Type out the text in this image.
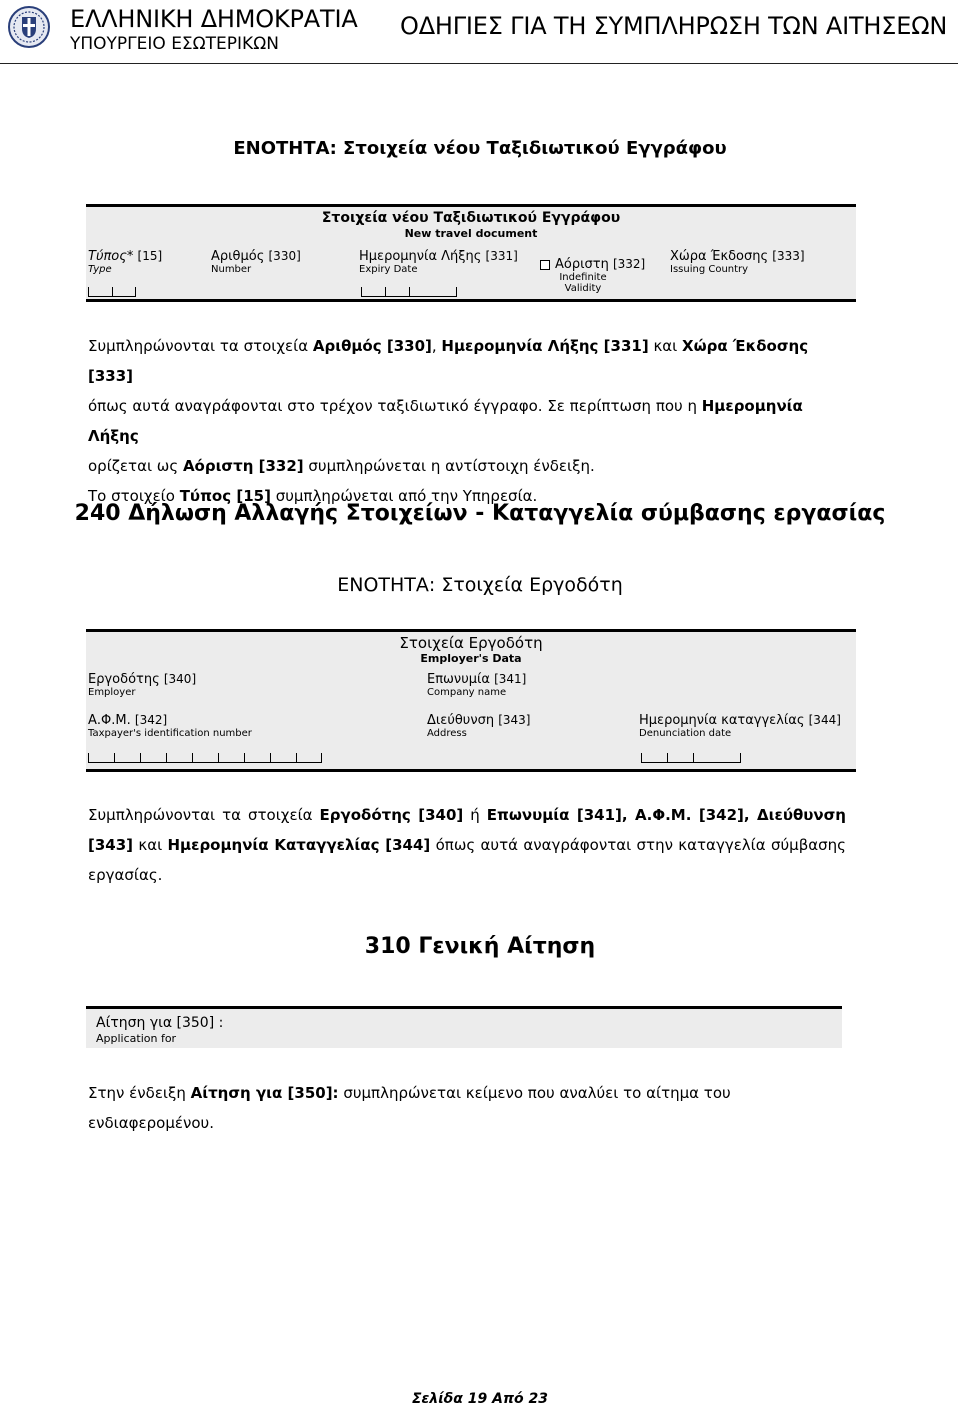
ΕΛΛΗΝΙΚΗ ΔΗΜΟΚΡΑΤΙΑ
ΥΠΟΥΡΓΕΙΟ ΕΣΩΤΕΡΙΚΩΝ
ΟΔΗΓΙΕΣ ΓΙΑ ΤΗ ΣΥΜΠΛΗΡΩΣΗ ΤΩΝ ΑΙΤΗΣΕΩΝ
ΕΝΟΤΗΤΑ: Στοιχεία νέου Ταξιδιωτικού Εγγράφου
Στοιχεία νέου Ταξιδιωτικού Εγγράφου
New travel document
Τύπος* [15]
Type
Αριθμός [330]
Number
Ημερομηνία Λήξης [331]
Expiry Date	Αόριστη [332]
Indefinite
Validity
Χώρα Έκδοσης [333]
Issuing Country
Συμπληρώνονται τα στοιχεία Αριθμός [330], Ημερομηνία Λήξης [331] και Χώρα Έκδοσης [333]
όπως αυτά αναγράφονται στο τρέχον ταξιδιωτικό έγγραφο. Σε περίπτωση που η Ημερομηνία Λήξης
ορίζεται ως Αόριστη [332] συμπληρώνεται η αντίστοιχη ένδειξη.
Το στοιχείο Τύπος [15] συμπληρώνεται από την Υπηρεσία.
240 Δήλωση Αλλαγής Στοιχείων - Καταγγελία σύμβασης εργασίας
ΕΝΟΤΗΤΑ: Στοιχεία Εργοδότη
Στοιχεία Εργοδότη
Employer's Data
Εργοδότης [340]
Employer
Επωνυμία [341]
Company name
Α.Φ.Μ. [342]
Taxpayer's identification number
Διεύθυνση [343]
Address
Ημερομηνία καταγγελίας [344]
Denunciation date
Συμπληρώνονται τα στοιχεία Εργοδότης [340] ή Επωνυμία [341], Α.Φ.Μ. [342], Διεύθυνση [343] και Ημερομηνία Καταγγελίας [344] όπως αυτά αναγράφονται στην καταγγελία σύμβασης εργασίας.
310 Γενική Αίτηση
Αίτηση για [350] :
Application for
Στην ένδειξη Αίτηση για [350]: συμπληρώνεται κείμενο που αναλύει το αίτημα του ενδιαφερομένου.
Σελίδα 19 Από 23
